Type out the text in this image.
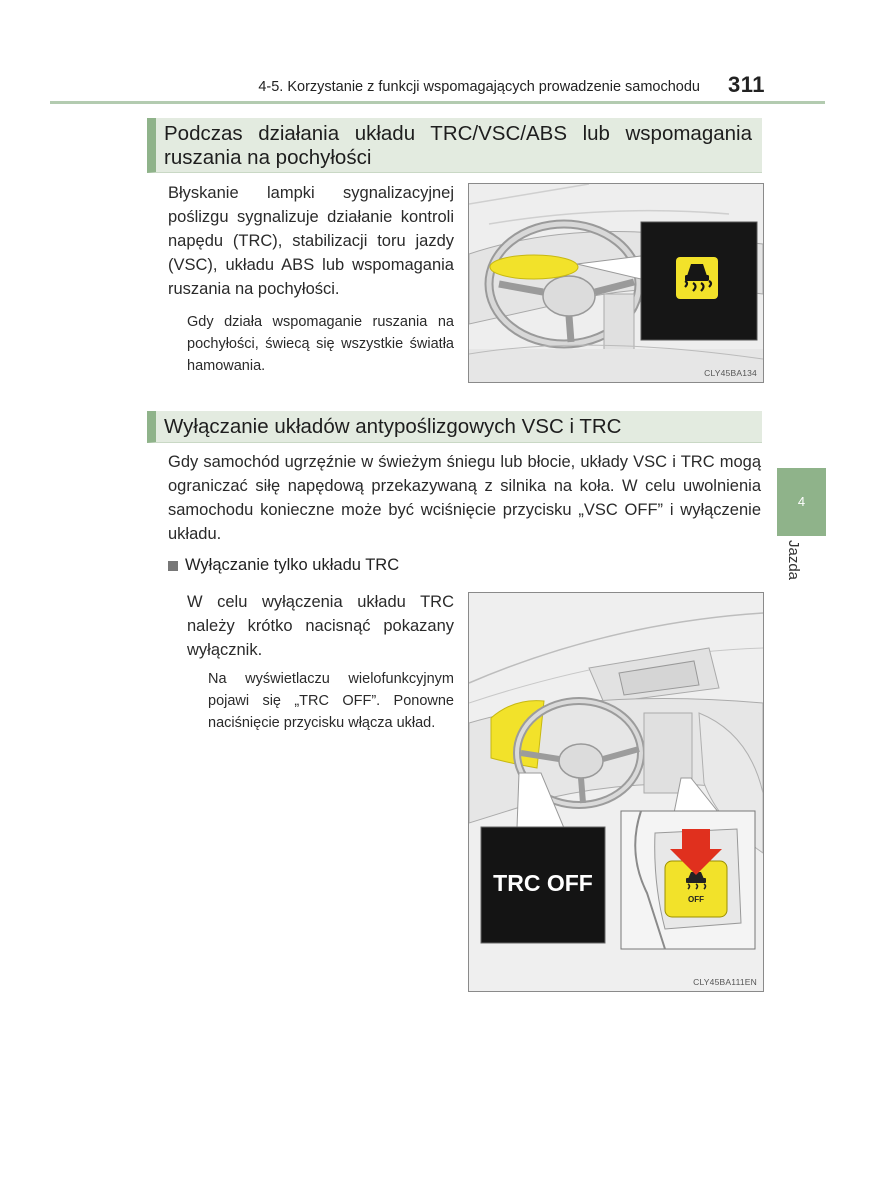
4-5. Korzystanie z funkcji wspomagających prowadzenie samochodu 311
Podczas działania układu TRC/VSC/ABS lub wspomagania ruszania na pochyłości

Błyskanie lampki sygnalizacyjnej poślizgu sygnalizuje działanie kontroli napędu (TRC), stabilizacji toru jazdy (VSC), układu ABS lub wspomagania ruszania na pochyłości.

Gdy działa wspomaganie ruszania na pochyłości, świecą się wszystkie światła hamowania.	CLY45BA134
Wyłączanie układów antypoślizgowych VSC i TRC

Gdy samochód ugrzęźnie w świeżym śniegu lub błocie, układy VSC i TRC mogą ograniczać siłę napędową przekazywaną z silnika na koła. W celu uwolnienia samochodu konieczne może być wciśnięcie przycisku „VSC OFF” i wyłączenie układu.

Wyłączanie tylko układu TRC

W celu wyłączenia układu TRC należy krótko nacisnąć pokazany wyłącznik.

Na wyświetlaczu wielofunkcyjnym pojawi się „TRC OFF”. Ponowne naciśnięcie przycisku włącza układ.

TRC OFF
OFF
CLY45BA111EN
4
Jazda
